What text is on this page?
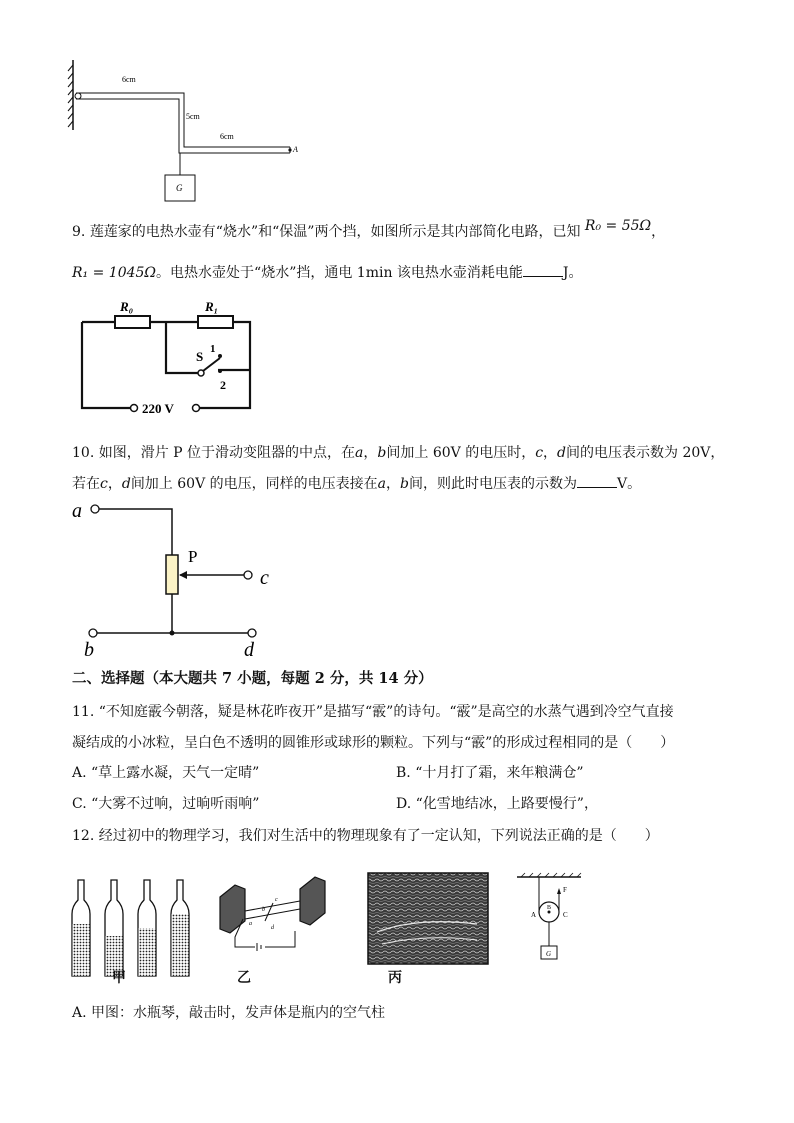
A
6cm
5cm
6cm
G
9. 莲莲家的电热水壶有“烧水”和“保温”两个挡，如图所示是其内部简化电路，已知 R₀ = 55Ω，
R₁ = 1045Ω。电热水壶处于“烧水”挡，通电 1min 该电热水壶消耗电能	J。
R₀	R₁
S 1
2
220 V
10. 如图，滑片 P 位于滑动变阻器的中点，在a，b间加上 60V 的电压时，c，d间的电压表示数为 20V，
若在c，d间加上 60V 的电压，同样的电压表接在a，b间，则此时电压表的示数为	V。
a
P
c
b	d
二、选择题（本大题共 7 小题，每题 2 分，共 14 分）
11. “不知庭霰今朝落，疑是林花昨夜开”是描写“霰”的诗句。“霰”是高空的水蒸气遇到冷空气直接
凝结成的小冰粒，呈白色不透明的圆锥形或球形的颗粒。下列与“霰”的形成过程相同的是（　　）
A. “草上露水凝，天气一定晴”	B. “十月打了霜，来年粮满仓”
C. “大雾不过响，过晌听雨响”	D. “化雪地结冰，上路要慢行”，
12. 经过初中的物理学习，我们对生活中的物理现象有了一定认知，下列说法正确的是（　　）
甲
b
c
d
a
乙	丙
A
B
C
F
G
A. 甲图：水瓶琴，敲击时，发声体是瓶内的空气柱
